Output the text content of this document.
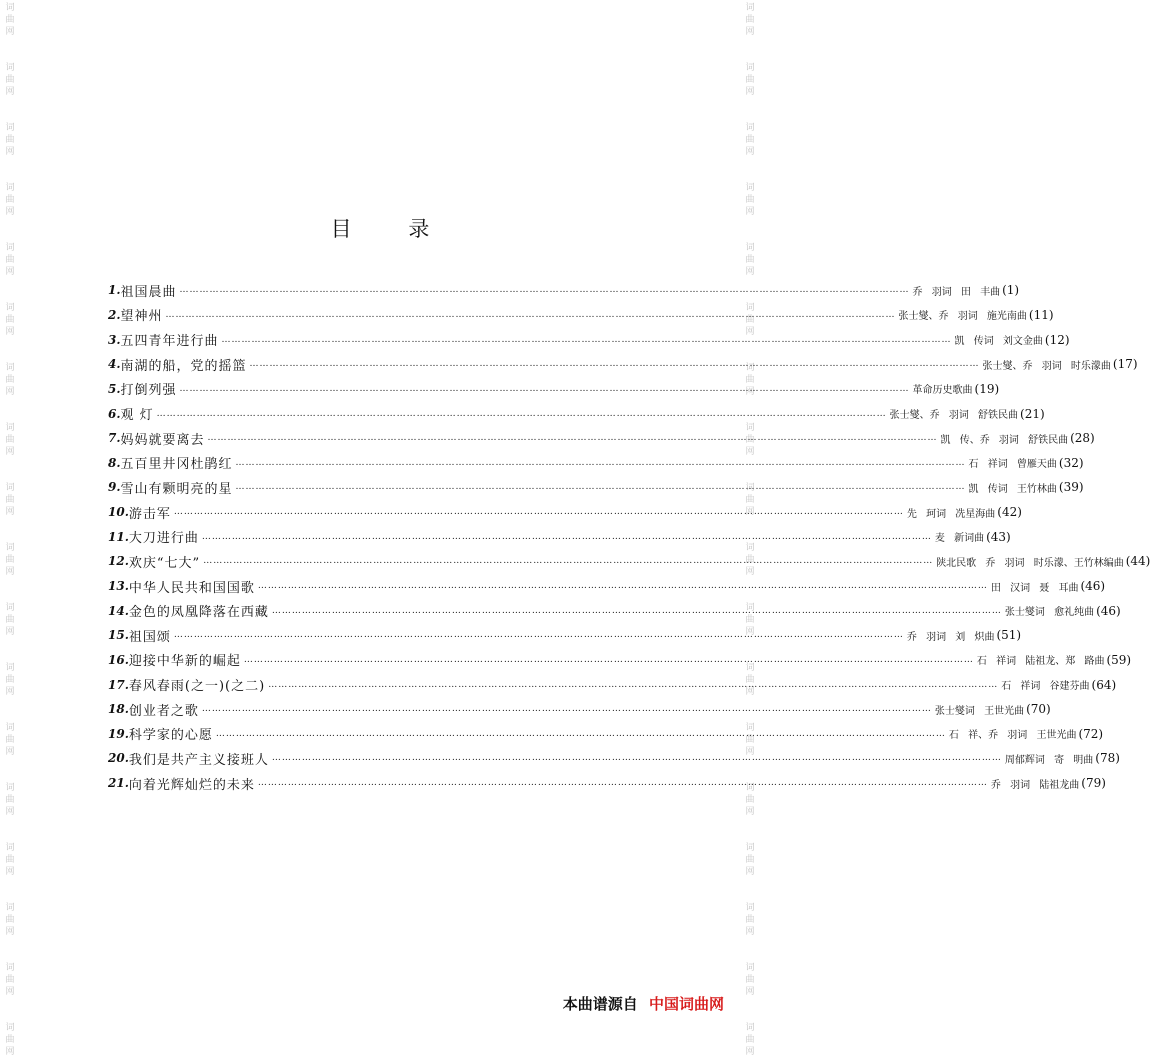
词
曲
网
词
曲
网
词
曲
网
词
曲
网
词
曲
网
词
曲
网
词
曲
网
词
曲
网
词
曲
网
词
曲
网
词
曲
网
词
曲
网
词
曲
网
词
曲
网
词
曲
网
词
曲
网
词
曲
网
词
曲
网
词
曲
网
词
曲
网
词
曲
网
词
曲
网
词
曲
网
词
曲
网
词
曲
网
词
曲
网
词
曲
网
词
曲
网
词
曲
网
词
曲
网
词
曲
网
词
曲
网
词
曲
网
词
曲
网
词
曲
网
词
曲
网
目	录
1. 祖国晨曲 …………………………………………………………………………………………………………………………………………………………………………………………………	乔 羽词 田 丰曲 (1)
2. 望神州 …………………………………………………………………………………………………………………………………………………………………………………………………	张士燮、乔 羽词 施光南曲 (11)
3. 五四青年进行曲 …………………………………………………………………………………………………………………………………………………………………………………………………	凯 传词 刘文金曲 (12)
4. 南湖的船，党的摇篮 …………………………………………………………………………………………………………………………………………………………………………………………………	张士燮、乔 羽词 时乐濛曲 (17)
5. 打倒列强 …………………………………………………………………………………………………………………………………………………………………………………………………	革命历史歌曲 (19)
6. 观 灯 …………………………………………………………………………………………………………………………………………………………………………………………………	张士燮、乔 羽词 舒铁民曲 (21)
7. 妈妈就要离去 …………………………………………………………………………………………………………………………………………………………………………………………………	凯 传、乔 羽词 舒铁民曲 (28)
8. 五百里井冈杜鹃红 …………………………………………………………………………………………………………………………………………………………………………………………………	石 祥词 曾雁天曲 (32)
9. 雪山有颗明亮的星 …………………………………………………………………………………………………………………………………………………………………………………………………	凯 传词 王竹林曲 (39)
10. 游击军 …………………………………………………………………………………………………………………………………………………………………………………………………	先 珂词 冼星海曲 (42)
11. 大刀进行曲 …………………………………………………………………………………………………………………………………………………………………………………………………	麦 新词曲 (43)
12. 欢庆“七大” …………………………………………………………………………………………………………………………………………………………………………………………………	陕北民歌 乔 羽词 时乐濛、王竹林编曲 (44)
13. 中华人民共和国国歌 …………………………………………………………………………………………………………………………………………………………………………………………………	田 汉词 聂 耳曲 (46)
14. 金色的凤凰降落在西藏 …………………………………………………………………………………………………………………………………………………………………………………………………	张士燮词 愈礼纯曲 (46)
15. 祖国颂 …………………………………………………………………………………………………………………………………………………………………………………………………	乔 羽词 刘 炽曲 (51)
16. 迎接中华新的崛起 …………………………………………………………………………………………………………………………………………………………………………………………………	石 祥词 陆祖龙、郑 路曲 (59)
17. 春风春雨(之一)(之二) …………………………………………………………………………………………………………………………………………………………………………………………………	石 祥词 谷建芬曲 (64)
18. 创业者之歌 …………………………………………………………………………………………………………………………………………………………………………………………………	张士燮词 王世光曲 (70)
19. 科学家的心愿 …………………………………………………………………………………………………………………………………………………………………………………………………	石 祥、乔 羽词 王世光曲 (72)
20. 我们是共产主义接班人 …………………………………………………………………………………………………………………………………………………………………………………………………	周郁辉词 寄 明曲 (78)
21. 向着光辉灿烂的未来 …………………………………………………………………………………………………………………………………………………………………………………………………	乔 羽词 陆祖龙曲 (79)
本曲谱源自 中国词曲网
